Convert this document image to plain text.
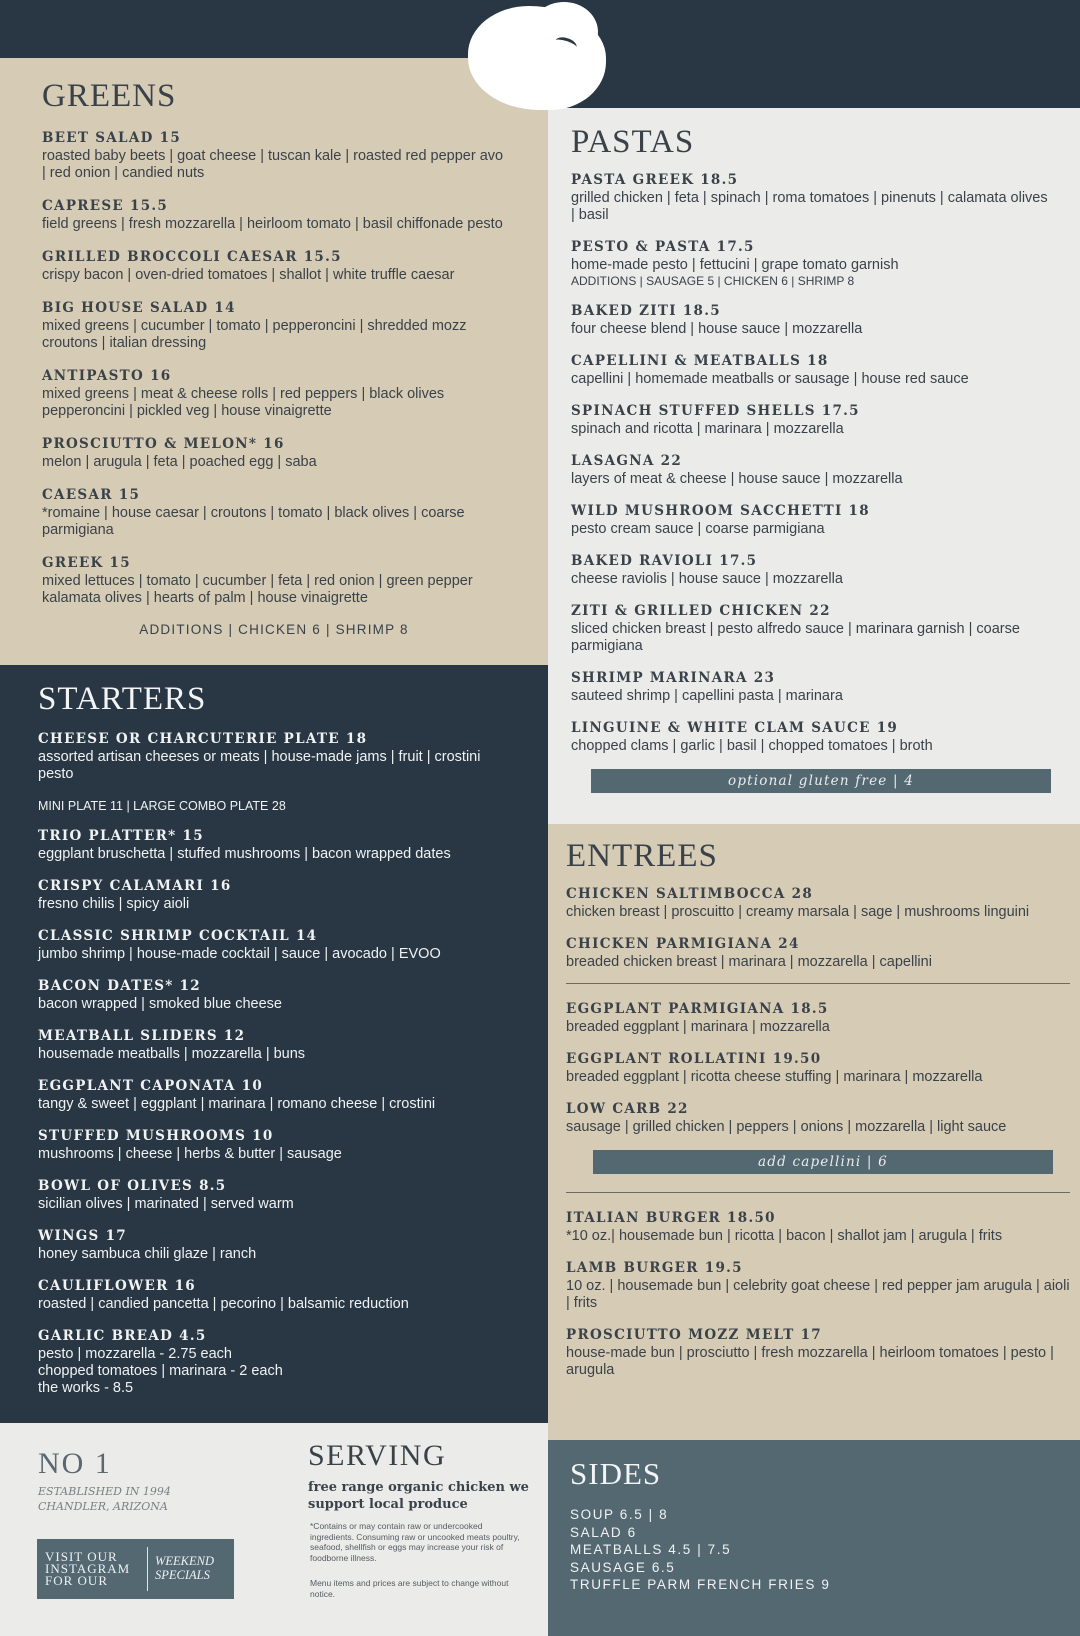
GREENS
BEET SALAD 15
roasted baby beets | goat cheese | tuscan kale | roasted red pepper avo | red onion | candied nuts
CAPRESE 15.5
field greens | fresh mozzarella | heirloom tomato | basil chiffonade pesto
GRILLED BROCCOLI CAESAR 15.5
crispy bacon | oven-dried tomatoes | shallot | white truffle caesar
BIG HOUSE SALAD 14
mixed greens | cucumber | tomato | pepperoncini | shredded mozz croutons | italian dressing
ANTIPASTO 16
mixed greens | meat & cheese rolls | red peppers | black olives pepperoncini | pickled veg | house vinaigrette
PROSCIUTTO & MELON* 16
melon | arugula | feta | poached egg | saba
CAESAR 15
*romaine | house caesar | croutons | tomato | black olives | coarse parmigiana
GREEK 15
mixed lettuces | tomato | cucumber | feta | red onion | green pepper kalamata olives | hearts of palm | house vinaigrette
ADDITIONS | CHICKEN 6 | SHRIMP 8
PASTAS
PASTA GREEK 18.5
grilled chicken | feta | spinach | roma tomatoes | pinenuts | calamata olives | basil
PESTO & PASTA 17.5
home-made pesto | fettucini | grape tomato garnish
ADDITIONS | SAUSAGE 5 | CHICKEN 6 | SHRIMP 8
BAKED ZITI 18.5
four cheese blend | house sauce | mozzarella
CAPELLINI & MEATBALLS 18
capellini | homemade meatballs or sausage | house red sauce
SPINACH STUFFED SHELLS 17.5
spinach and ricotta | marinara | mozzarella
LASAGNA 22
layers of meat & cheese | house sauce | mozzarella
WILD MUSHROOM SACCHETTI 18
pesto cream sauce | coarse parmigiana
BAKED RAVIOLI 17.5
cheese raviolis | house sauce | mozzarella
ZITI & GRILLED CHICKEN 22
sliced chicken breast | pesto alfredo sauce | marinara garnish | coarse parmigiana
SHRIMP MARINARA 23
sauteed shrimp | capellini pasta | marinara
LINGUINE & WHITE CLAM SAUCE 19
chopped clams | garlic | basil | chopped tomatoes | broth
optional gluten free | 4
STARTERS
CHEESE OR CHARCUTERIE PLATE 18
assorted artisan cheeses or meats | house-made jams | fruit | crostini pesto
MINI PLATE 11 | LARGE COMBO PLATE 28
TRIO PLATTER* 15
eggplant bruschetta | stuffed mushrooms | bacon wrapped dates
CRISPY CALAMARI 16
fresno chilis | spicy aioli
CLASSIC SHRIMP COCKTAIL 14
jumbo shrimp | house-made cocktail | sauce | avocado | EVOO
BACON DATES* 12
bacon wrapped | smoked blue cheese
MEATBALL SLIDERS 12
housemade meatballs | mozzarella | buns
EGGPLANT CAPONATA 10
tangy & sweet | eggplant | marinara | romano cheese | crostini
STUFFED MUSHROOMS 10
mushrooms | cheese | herbs & butter | sausage
BOWL OF OLIVES 8.5
sicilian olives | marinated | served warm
WINGS 17
honey sambuca chili glaze | ranch
CAULIFLOWER 16
roasted | candied pancetta | pecorino | balsamic reduction
GARLIC BREAD 4.5
pesto | mozzarella - 2.75 each
chopped tomatoes | marinara - 2 each
the works - 8.5
ENTREES
CHICKEN SALTIMBOCCA 28
chicken breast | proscuitto | creamy marsala | sage | mushrooms linguini
CHICKEN PARMIGIANA 24
breaded chicken breast | marinara | mozzarella | capellini
EGGPLANT PARMIGIANA 18.5
breaded eggplant | marinara | mozzarella
EGGPLANT ROLLATINI 19.50
breaded eggplant | ricotta cheese stuffing | marinara | mozzarella
LOW CARB 22
sausage | grilled chicken | peppers | onions | mozzarella | light sauce
add capellini | 6
ITALIAN BURGER 18.50
*10 oz.| housemade bun | ricotta | bacon | shallot jam | arugula | frits
LAMB BURGER 19.5
10 oz. | housemade bun | celebrity goat cheese | red pepper jam arugula | aioli | frits
PROSCIUTTO MOZZ MELT 17
house-made bun | prosciutto | fresh mozzarella | heirloom tomatoes | pesto | arugula
NO 1
ESTABLISHED IN 1994
CHANDLER, ARIZONA
VISIT OUR INSTAGRAM FOR OUR
WEEKEND SPECIALS
SERVING
free range organic chicken we support local produce
*Contains or may contain raw or undercooked ingredients. Consuming raw or uncooked meats poultry, seafood, shellfish or eggs may increase your risk of foodborne illness.
Menu items and prices are subject to change without notice.
SIDES
SOUP 6.5 | 8
SALAD 6
MEATBALLS 4.5 | 7.5
SAUSAGE 6.5
TRUFFLE PARM FRENCH FRIES 9
